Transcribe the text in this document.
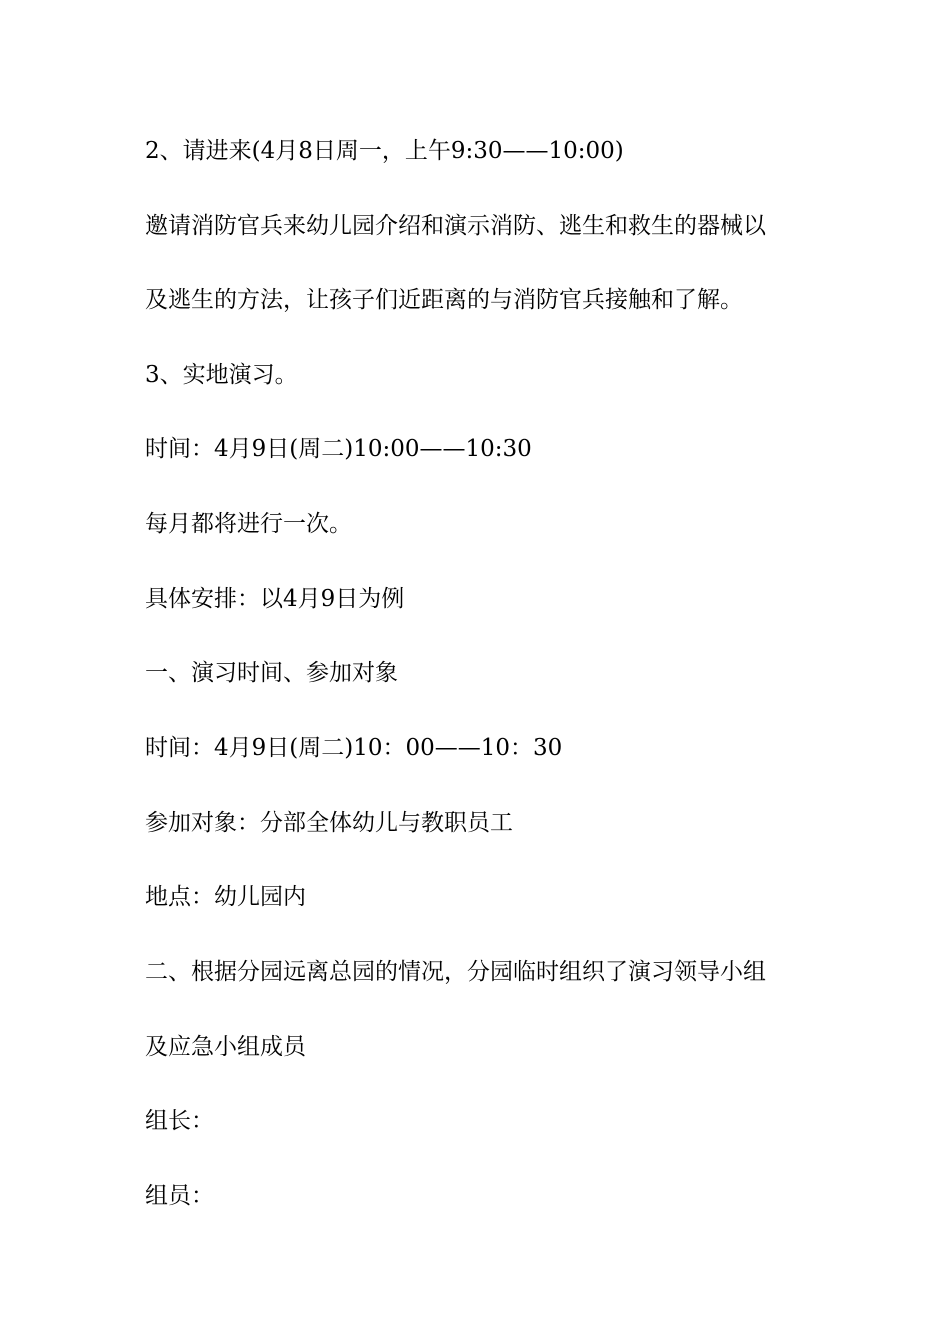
2、请进来(4月8日周一，上午9:30——10:00)

邀请消防官兵来幼儿园介绍和演示消防、逃生和救生的器械以

及逃生的方法，让孩子们近距离的与消防官兵接触和了解。

3、实地演习。

时间：4月9日(周二)10:00——10:30

每月都将进行一次。

具体安排：以4月9日为例

一、演习时间、参加对象

时间：4月9日(周二)10：00——10：30

参加对象：分部全体幼儿与教职员工

地点：幼儿园内

二、根据分园远离总园的情况，分园临时组织了演习领导小组

及应急小组成员

组长：

组员：
